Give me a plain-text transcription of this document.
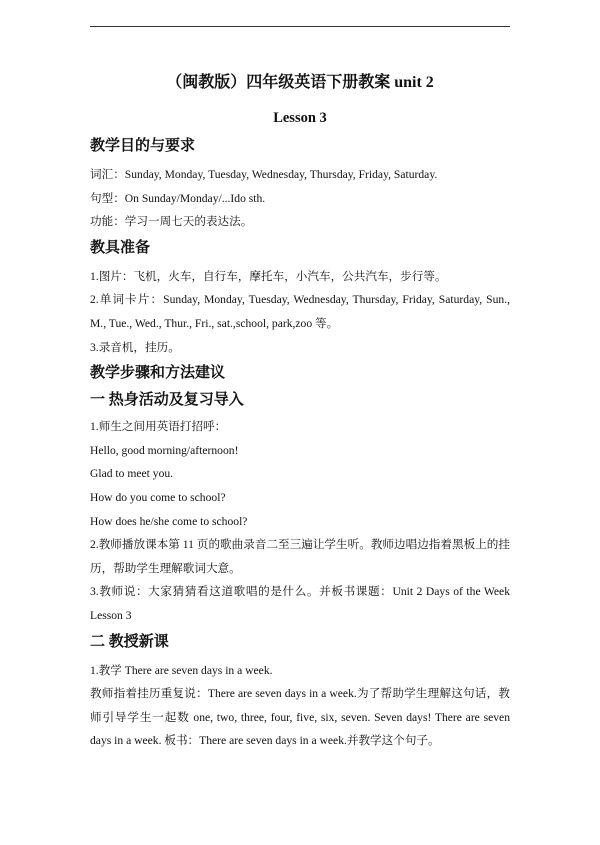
（闽教版）四年级英语下册教案 unit 2
Lesson 3
教学目的与要求

词汇：Sunday, Monday, Tuesday, Wednesday, Thursday, Friday, Saturday.

句型：On Sunday/Monday/...Ido sth.

功能：学习一周七天的表达法。

教具准备

1.图片：飞机，火车，自行车，摩托车，小汽车，公共汽车，步行等。

2.单词卡片：Sunday, Monday, Tuesday, Wednesday, Thursday, Friday, Saturday, Sun., M., Tue., Wed., Thur., Fri., sat.,school, park,zoo 等。

3.录音机，挂历。

教学步骤和方法建议
一 热身活动及复习导入

1.师生之间用英语打招呼：

Hello, good morning/afternoon!

Glad to meet you.

How do you come to school?

How does he/she come to school?

2.教师播放课本第 11 页的歌曲录音二至三遍让学生听。教师边唱边指着黑板上的挂历，帮助学生理解歌词大意。

3.教师说：大家猜猜看这道歌唱的是什么。并板书课题：Unit 2 Days of the Week Lesson 3

二 教授新课

1.教学 There are seven days in a week.

教师指着挂历重复说：There are seven days in a week.为了帮助学生理解这句话，教师引导学生一起数 one, two, three, four, five, six, seven. Seven days! There are seven days in a week. 板书：There are seven days in a week.并教学这个句子。
